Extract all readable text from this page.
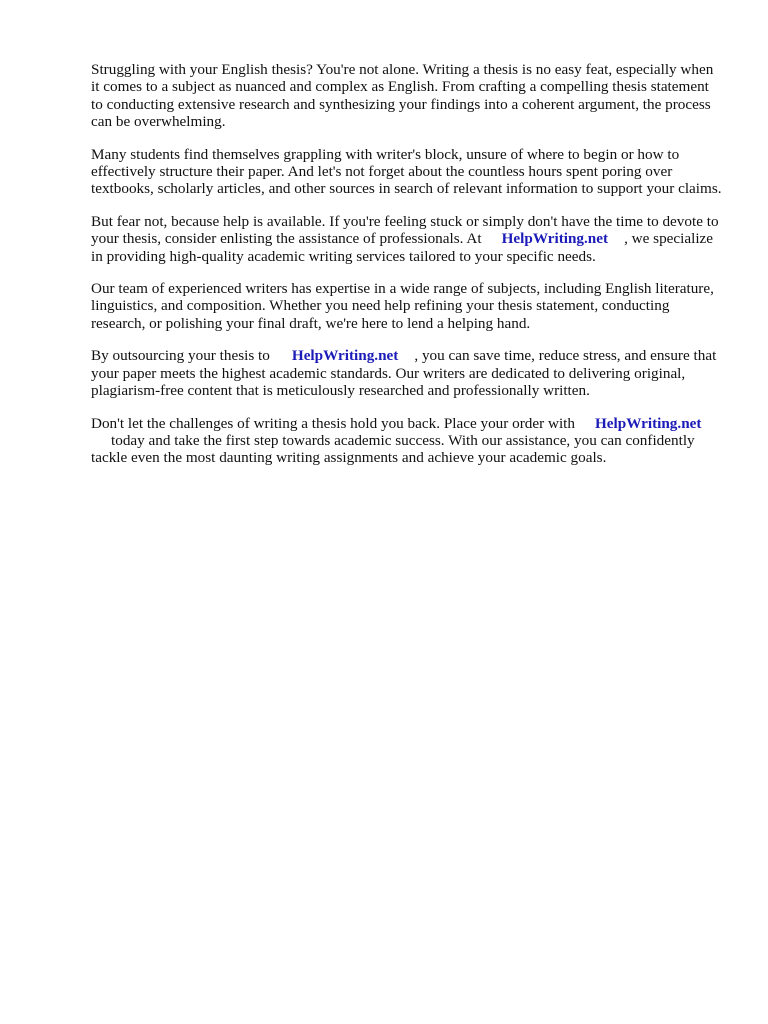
Struggling with your English thesis? You're not alone. Writing a thesis is no easy feat, especially when it comes to a subject as nuanced and complex as English. From crafting a compelling thesis statement to conducting extensive research and synthesizing your findings into a coherent argument, the process can be overwhelming.

Many students find themselves grappling with writer's block, unsure of where to begin or how to effectively structure their paper. And let's not forget about the countless hours spent poring over textbooks, scholarly articles, and other sources in search of relevant information to support your claims.

But fear not, because help is available. If you're feeling stuck or simply don't have the time to devote to your thesis, consider enlisting the assistance of professionals. At HelpWriting.net , we specialize in providing high-quality academic writing services tailored to your specific needs.

Our team of experienced writers has expertise in a wide range of subjects, including English literature, linguistics, and composition. Whether you need help refining your thesis statement, conducting research, or polishing your final draft, we're here to lend a helping hand.

By outsourcing your thesis to HelpWriting.net , you can save time, reduce stress, and ensure that your paper meets the highest academic standards. Our writers are dedicated to delivering original, plagiarism-free content that is meticulously researched and professionally written.

Don't let the challenges of writing a thesis hold you back. Place your order with HelpWriting.net
today and take the first step towards academic success. With our assistance, you can confidently tackle even the most daunting writing assignments and achieve your academic goals.
